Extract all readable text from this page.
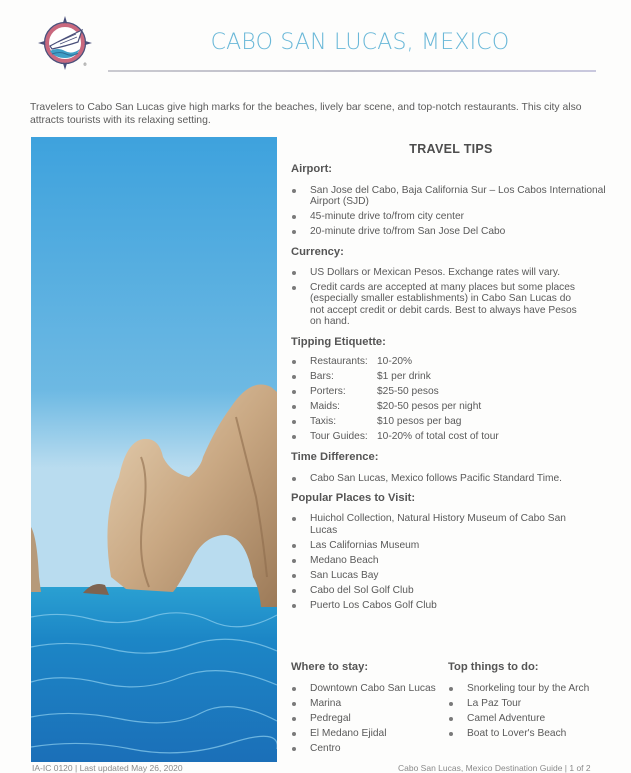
®
CABO SAN LUCAS, MEXICO
Travelers to Cabo San Lucas give high marks for the beaches, lively bar scene, and top-notch restaurants. This city also attracts tourists with its relaxing setting.
TRAVEL TIPS
Airport:
San Jose del Cabo, Baja California Sur – Los Cabos International Airport (SJD)
45-minute drive to/from city center
20-minute drive to/from San Jose Del Cabo
Currency:
US Dollars or Mexican Pesos. Exchange rates will vary.
Credit cards are accepted at many places but some places (especially smaller establishments) in Cabo San Lucas do not accept credit or debit cards. Best to always have Pesos on hand.
Tipping Etiquette:
Restaurants: 10-20%
Bars:	$1 per drink
Porters:	$25-50 pesos
Maids:	$20-50 pesos per night
Taxis:	$10 pesos per bag
Tour Guides: 10-20% of total cost of tour
Time Difference:
Cabo San Lucas, Mexico follows Pacific Standard Time.
Popular Places to Visit:
Huichol Collection, Natural History Museum of Cabo San Lucas
Las Californias Museum
Medano Beach
San Lucas Bay
Cabo del Sol Golf Club
Puerto Los Cabos Golf Club
Where to stay:
Downtown Cabo San Lucas
Marina
Pedregal
El Medano Ejidal
Centro
Top things to do:
Snorkeling tour by the Arch
La Paz Tour
Camel Adventure
Boat to Lover's Beach
IA-IC 0120 | Last updated May 26, 2020	Cabo San Lucas, Mexico Destination Guide | 1 of 2
